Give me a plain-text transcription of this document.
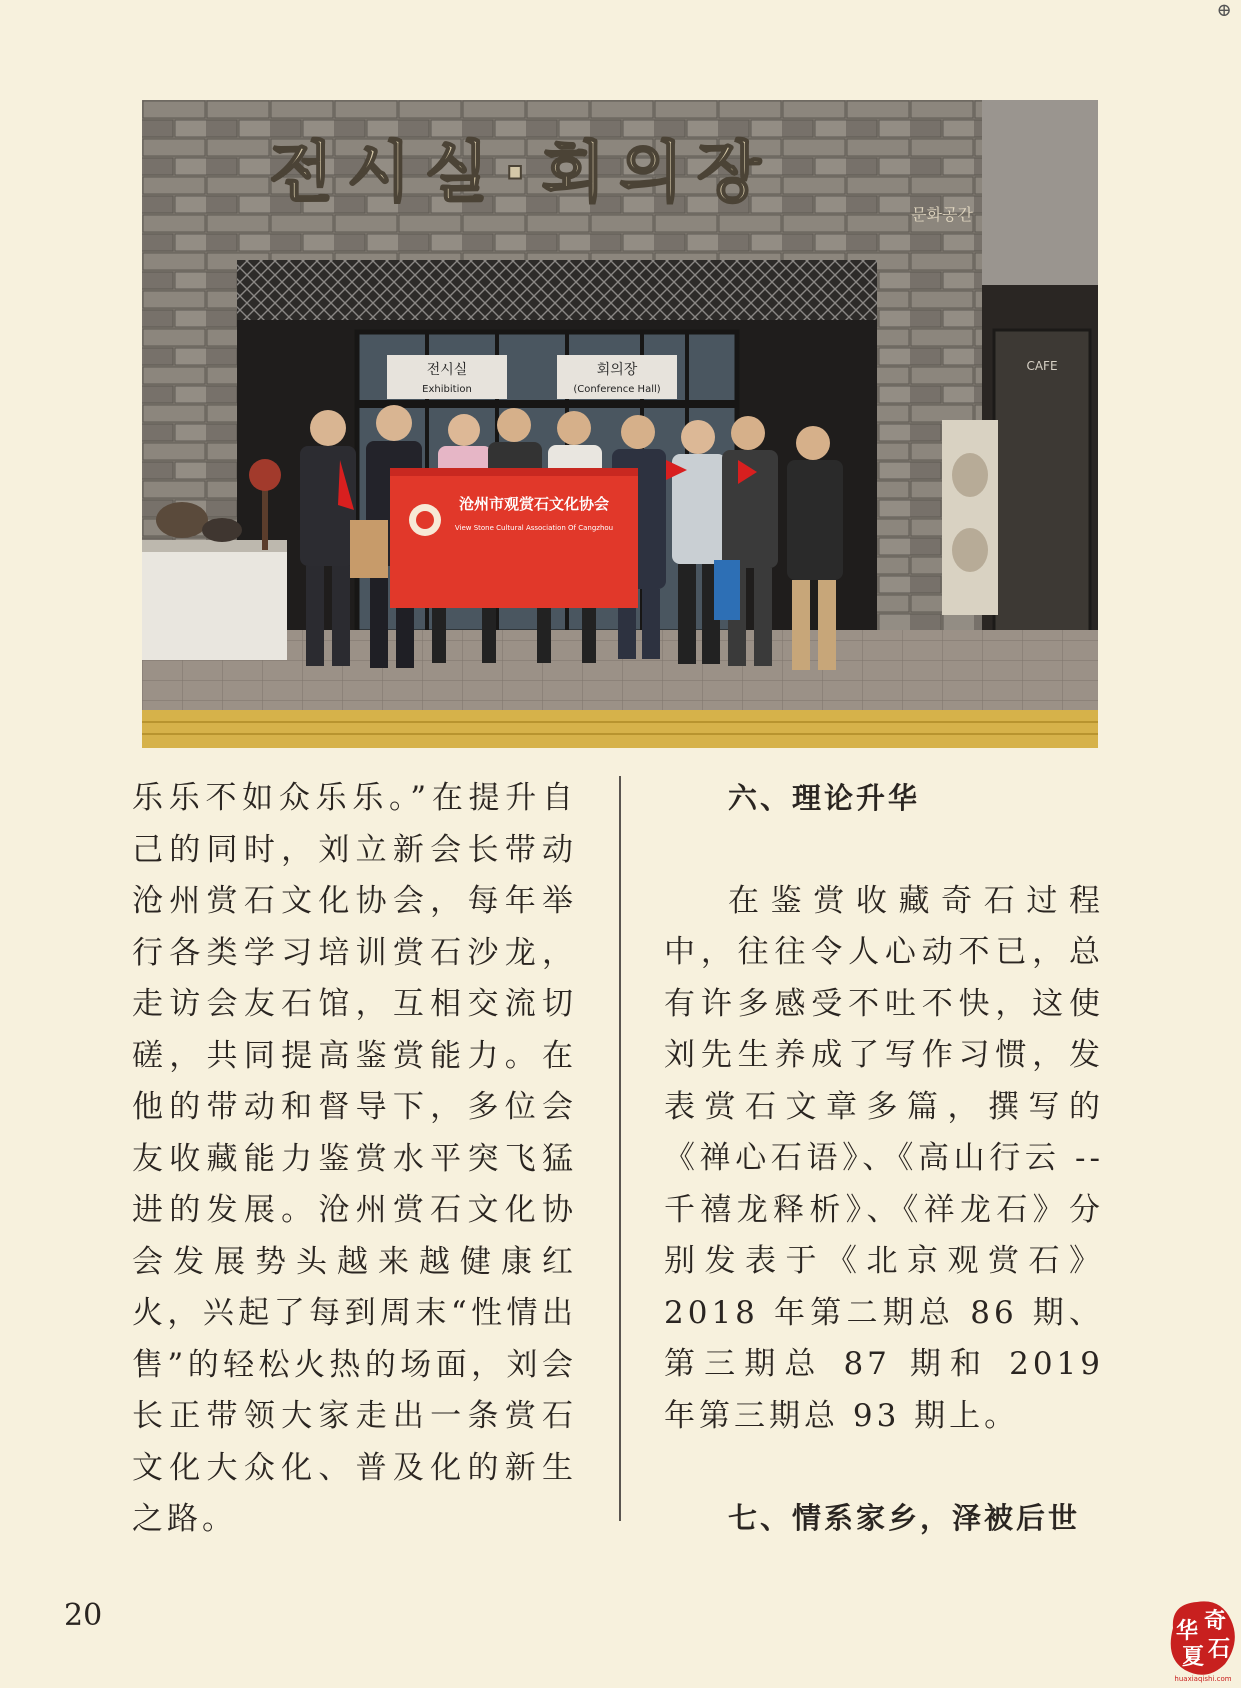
⊕
CAFE
전시실·회의장
문화공간
전시실
Exhibition
회의장
(Conference Hall)
沧州市观赏石文化协会
View Stone Cultural Association Of Cangzhou

乐乐不如众乐乐。”在提升自己的同时，刘立新会长带动沧州赏石文化协会，每年举行各类学习培训赏石沙龙，走访会友石馆，互相交流切磋，共同提高鉴赏能力。在他的带动和督导下，多位会友收藏能力鉴赏水平突飞猛进的发展。沧州赏石文化协会发展势头越来越健康红火，兴起了每到周末“性情出售”的轻松火热的场面，刘会长正带领大家走出一条赏石文化大众化、普及化的新生之路。

六、理论升华

在鉴赏收藏奇石过程中，往往令人心动不已，总有许多感受不吐不快，这使刘先生养成了写作习惯，发表赏石文章多篇，撰写的《禅心石语》、《高山行云 -- 千禧龙释析》、《祥龙石》分别发表于《北京观赏石》2018 年第二期总 86 期、第三期总 87 期和 2019 年第三期总 93 期上。

七、情系家乡，泽被后世

20	华 奇
夏 石
huaxiaqishi.com
